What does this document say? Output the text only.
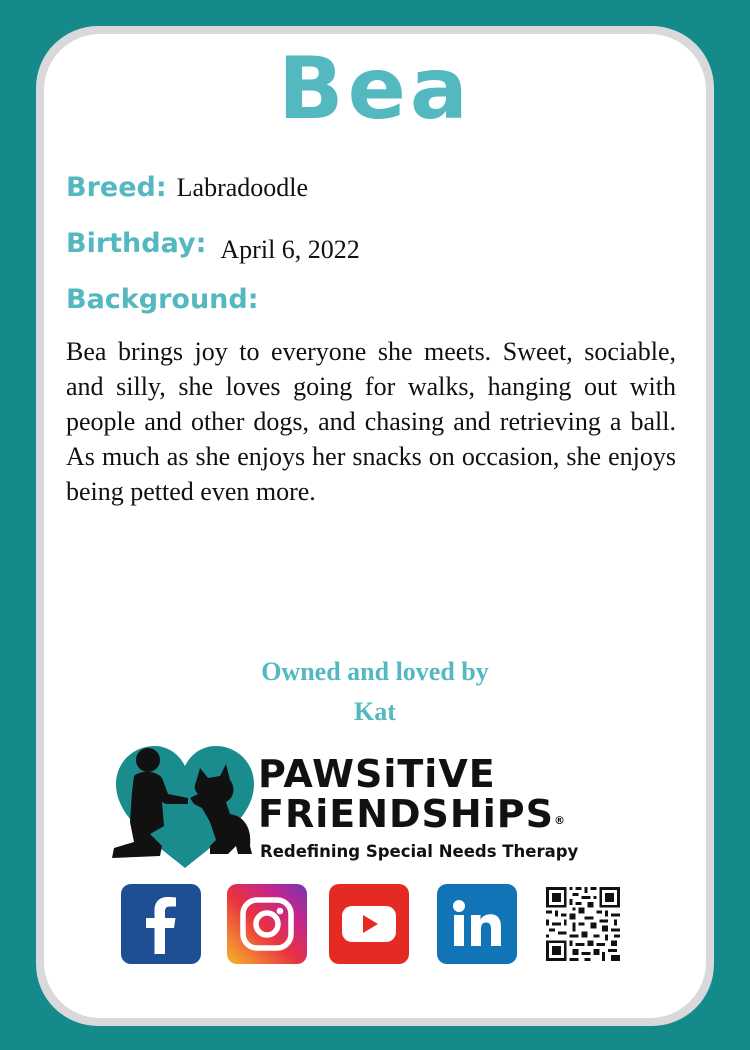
Bea
Breed: Labradoodle
Birthday: April 6, 2022
Background:
Bea brings joy to everyone she meets. Sweet, sociable, and silly, she loves going for walks, hanging out with people and other dogs, and chasing and retrieving a ball. As much as she enjoys her snacks on occasion, she enjoys being petted even more.
Owned and loved by
Kat
PAWSiTiVE
FRiENDSHiPS®
Redefining Special Needs Therapy
